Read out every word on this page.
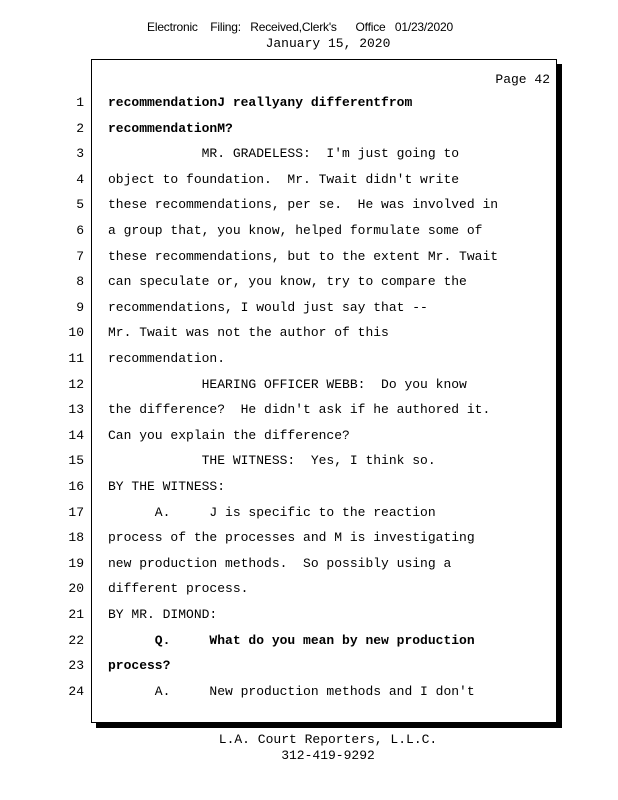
Electronic    Filing:   Received,Clerk's      Office   01/23/2020
January 15, 2020
Page 42
1 recommendationJ reallyany differentfrom
2 recommendationM?
3 MR. GRADELESS:  I'm just going to
4 object to foundation.  Mr. Twait didn't write
5 these recommendations, per se.  He was involved in
6 a group that, you know, helped formulate some of
7 these recommendations, but to the extent Mr. Twait
8 can speculate or, you know, try to compare the
9 recommendations, I would just say that --
10 Mr. Twait was not the author of this
11 recommendation.
12 HEARING OFFICER WEBB:  Do you know
13 the difference?  He didn't ask if he authored it.
14 Can you explain the difference?
15 THE WITNESS:  Yes, I think so.
16 BY THE WITNESS:
17 A.     J is specific to the reaction
18 process of the processes and M is investigating
19 new production methods.  So possibly using a
20 different process.
21 BY MR. DIMOND:
22 Q.     What do you mean by new production
23 process?
24 A.     New production methods and I don't
L.A. Court Reporters, L.L.C.
312-419-9292
